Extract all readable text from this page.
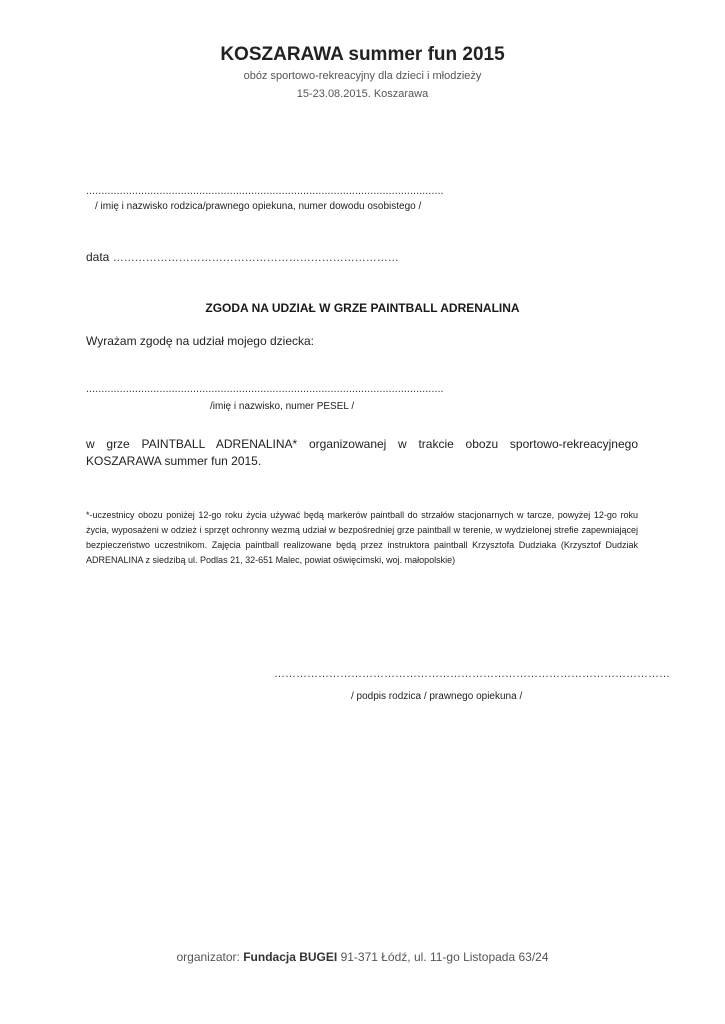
KOSZARAWA summer fun 2015
obóz sportowo-rekreacyjny dla dzieci i młodzieży
15-23.08.2015. Koszarawa
.....................................................................................................................
/ imię i nazwisko rodzica/prawnego opiekuna, numer dowodu osobistego /
data ……………………………………………………………………
ZGODA NA UDZIAŁ W GRZE PAINTBALL ADRENALINA
Wyrażam zgodę na udział mojego dziecka:
.....................................................................................................................
/imię i nazwisko, numer PESEL /
w grze PAINTBALL ADRENALINA* organizowanej w trakcie obozu sportowo-rekreacyjnego KOSZARAWA summer fun 2015.
*-uczestnicy obozu poniżej 12-go roku życia używać będą markerów paintball do strzałów stacjonarnych w tarcze, powyżej 12-go roku życia, wyposażeni w odzież i sprzęt ochronny wezmą udział w bezpośredniej grze paintball w terenie, w wydzielonej strefie zapewniającej bezpieczeństwo uczestnikom. Zajęcia paintball realizowane będą przez instruktora paintball Krzysztofa Dudziaka (Krzysztof Dudziak ADRENALINA z siedzibą ul. Podlas 21, 32-651 Malec, powiat oświęcimski, woj. małopolskie)
………………………………………………………………………………………………
/ podpis rodzica / prawnego opiekuna /
organizator: Fundacja BUGEI 91-371 Łódź, ul. 11-go Listopada 63/24
